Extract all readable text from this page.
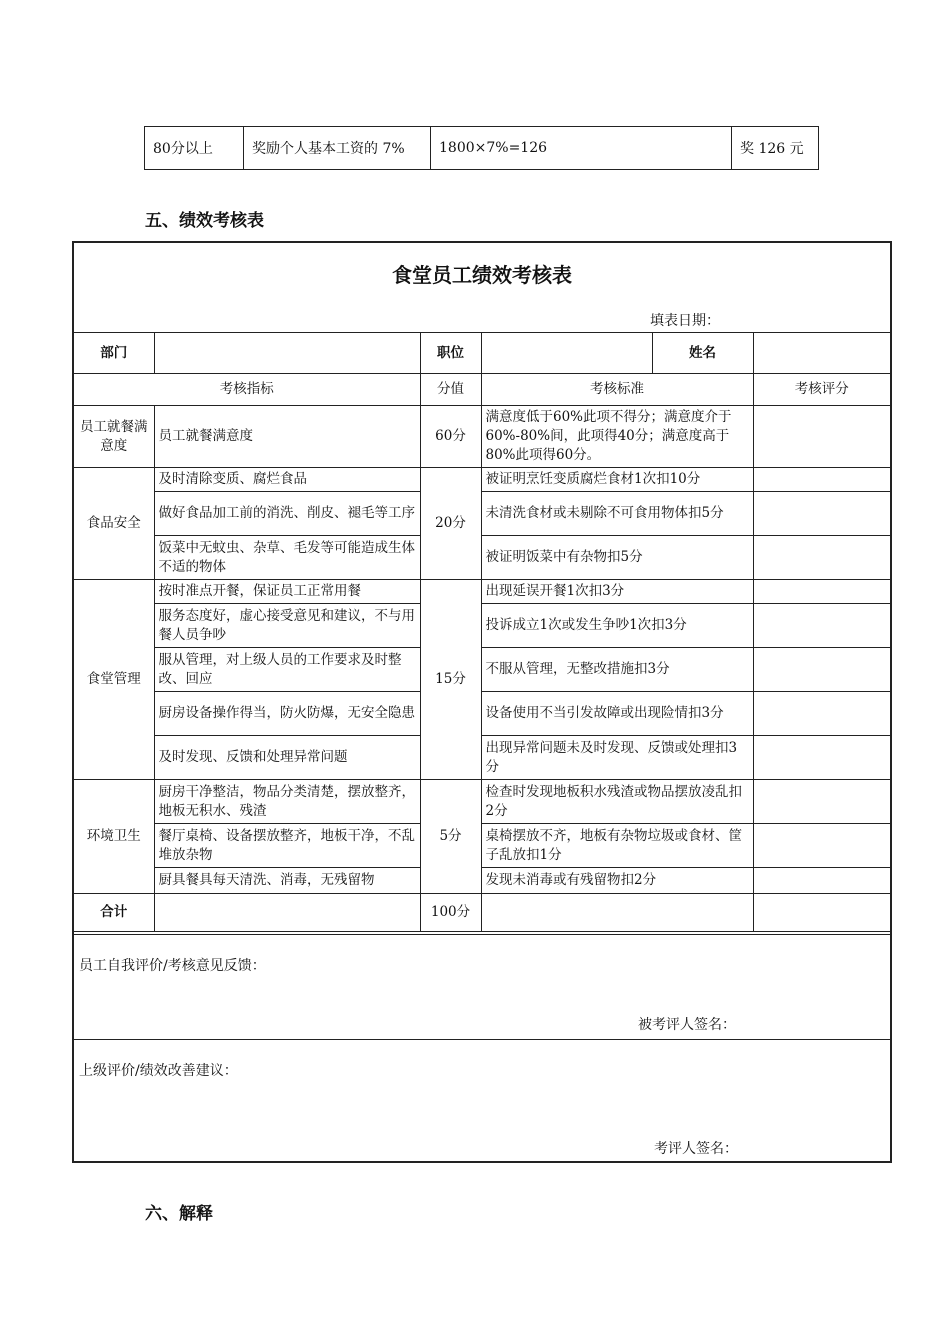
80分以上	奖励个人基本工资的 7%	1800×7%=126	奖 126 元
五、绩效考核表
食堂员工绩效考核表
填表日期：
部门		职位		姓名	
考核指标		分值	考核标准		考核评分
员工就餐满意度	员工就餐满意度	60分	满意度低于60%此项不得分；满意度介于60%-80%间，此项得40分；满意度高于80%此项得60分。		
食品安全	及时清除变质、腐烂食品	20分	被证明烹饪变质腐烂食材1次扣10分		
	做好食品加工前的消洗、削皮、褪毛等工序		未清洗食材或未剔除不可食用物体扣5分		
	饭菜中无蚊虫、杂草、毛发等可能造成生体不适的物体		被证明饭菜中有杂物扣5分		
食堂管理	按时准点开餐，保证员工正常用餐	15分	出现延误开餐1次扣3分		
	服务态度好，虚心接受意见和建议，不与用餐人员争吵		投诉成立1次或发生争吵1次扣3分		
	服从管理，对上级人员的工作要求及时整改、回应		不服从管理，无整改措施扣3分		
	厨房设备操作得当，防火防爆，无安全隐患		设备使用不当引发故障或出现险情扣3分		
	及时发现、反馈和处理异常问题		出现异常问题未及时发现、反馈或处理扣3分		
环境卫生	厨房干净整洁，物品分类清楚，摆放整齐，地板无积水、残渣	5分	检查时发现地板积水残渣或物品摆放凌乱扣2分		
	餐厅桌椅、设备摆放整齐，地板干净，不乱堆放杂物		桌椅摆放不齐，地板有杂物垃圾或食材、筐子乱放扣1分		
	厨具餐具每天清洗、消毒，无残留物		发现未消毒或有残留物扣2分		
合计		100分			
员工自我评价/考核意见反馈：
被考评人签名：
上级评价/绩效改善建议：
考评人签名：
六、解释
